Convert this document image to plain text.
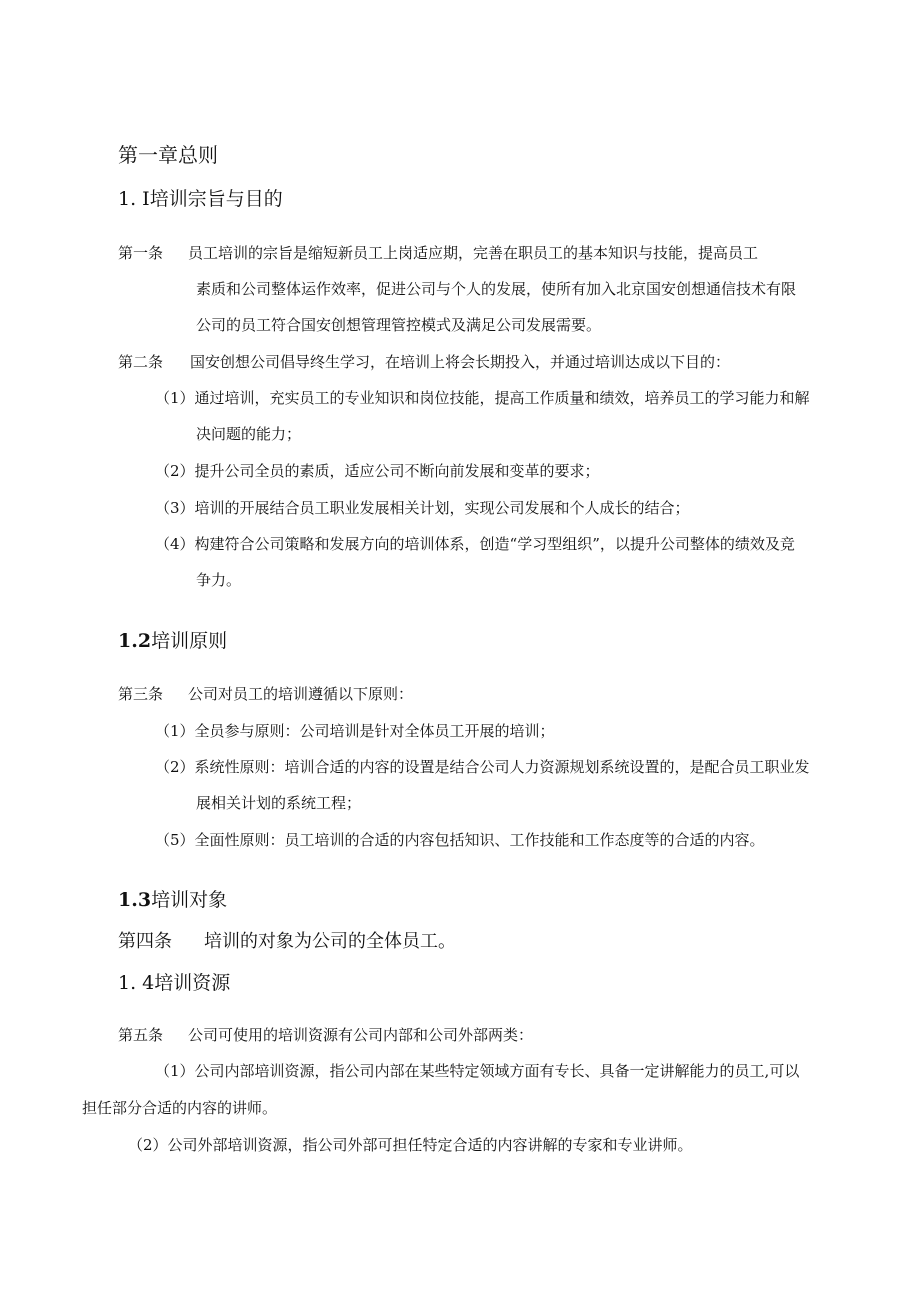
第一章总则
1. I培训宗旨与目的
第一条 员工培训的宗旨是缩短新员工上岗适应期，完善在职员工的基本知识与技能，提高员工
素质和公司整体运作效率，促进公司与个人的发展，使所有加入北京国安创想通信技术有限
公司的员工符合国安创想管理管控模式及满足公司发展需要。
第二条 国安创想公司倡导终生学习，在培训上将会长期投入，并通过培训达成以下目的：
（1）通过培训，充实员工的专业知识和岗位技能，提高工作质量和绩效，培养员工的学习能力和解
决问题的能力；
（2）提升公司全员的素质，适应公司不断向前发展和变革的要求；
（3）培训的开展结合员工职业发展相关计划，实现公司发展和个人成长的结合；
（4）构建符合公司策略和发展方向的培训体系，创造“学习型组织”，以提升公司整体的绩效及竞
争力。
1.2培训原则
第三条 公司对员工的培训遵循以下原则：
（1）全员参与原则：公司培训是针对全体员工开展的培训；
（2）系统性原则：培训合适的内容的设置是结合公司人力资源规划系统设置的，是配合员工职业发
展相关计划的系统工程；
（5）全面性原则：员工培训的合适的内容包括知识、工作技能和工作态度等的合适的内容。
1.3培训对象
第四条 培训的对象为公司的全体员工。
1. 4培训资源
第五条 公司可使用的培训资源有公司内部和公司外部两类：
（1）公司内部培训资源，指公司内部在某些特定领域方面有专长、具备一定讲解能力的员工,可以
担任部分合适的内容的讲师。
（2）公司外部培训资源，指公司外部可担任特定合适的内容讲解的专家和专业讲师。
